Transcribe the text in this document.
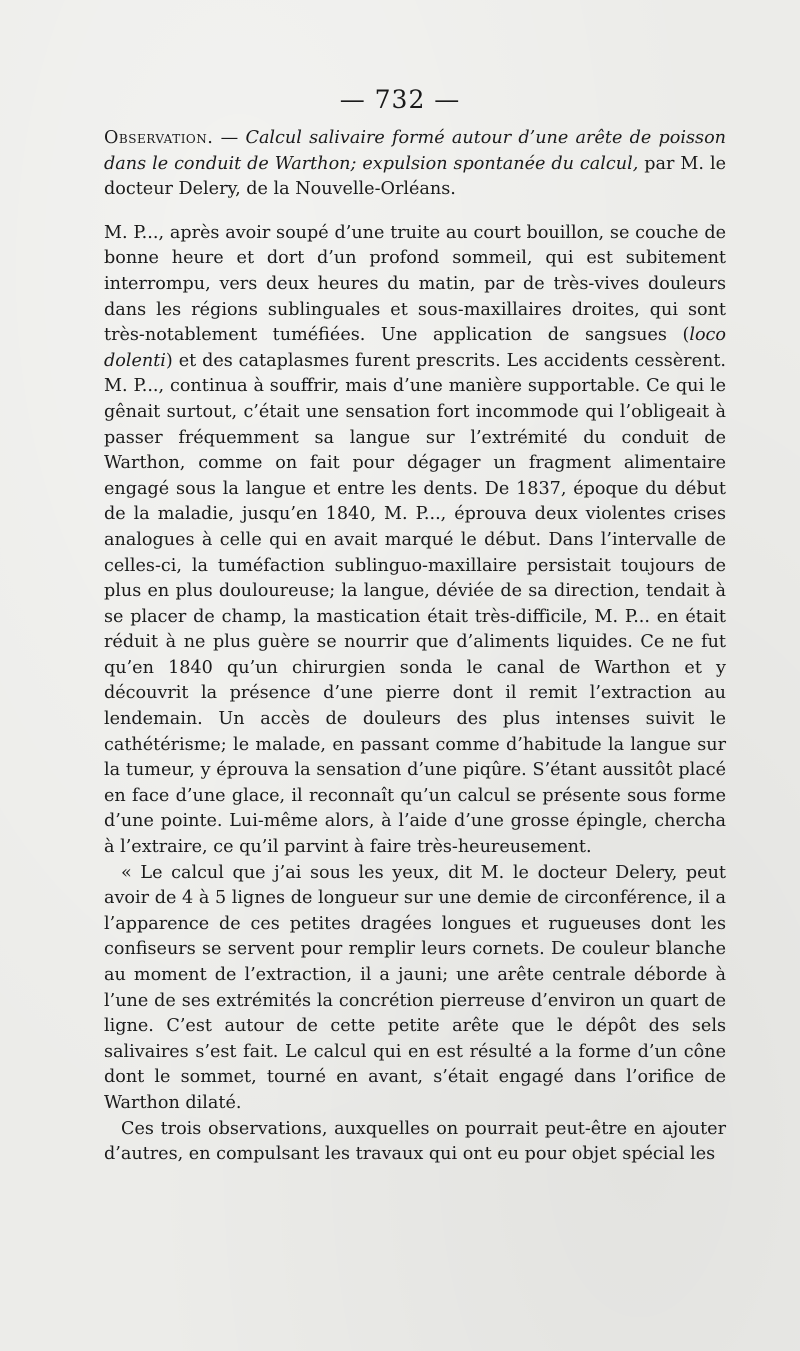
— 732 —

Observation. — Calcul salivaire formé autour d’une arête de poisson dans le conduit de Warthon; expulsion spontanée du calcul, par M. le docteur Delery, de la Nouvelle-Orléans.

M. P..., après avoir soupé d’une truite au court bouillon, se couche de bonne heure et dort d’un profond sommeil, qui est subitement interrompu, vers deux heures du matin, par de très-vives douleurs dans les régions sublinguales et sous-maxillaires droites, qui sont très-notablement tuméfiées. Une application de sangsues (loco dolenti) et des cataplasmes furent prescrits. Les accidents cessèrent. M. P..., continua à souffrir, mais d’une manière supportable. Ce qui le gênait surtout, c’était une sensation fort incommode qui l’obligeait à passer fréquemment sa langue sur l’extrémité du conduit de Warthon, comme on fait pour dégager un fragment alimentaire engagé sous la langue et entre les dents. De 1837, époque du début de la maladie, jusqu’en 1840, M. P..., éprouva deux violentes crises analogues à celle qui en avait marqué le début. Dans l’intervalle de celles-ci, la tuméfaction sublinguo-maxillaire persistait toujours de plus en plus douloureuse; la langue, déviée de sa direction, tendait à se placer de champ, la mastication était très-difficile, M. P... en était réduit à ne plus guère se nourrir que d’aliments liquides. Ce ne fut qu’en 1840 qu’un chirurgien sonda le canal de Warthon et y découvrit la présence d’une pierre dont il remit l’extraction au lendemain. Un accès de douleurs des plus intenses suivit le cathétérisme; le malade, en passant comme d’habitude la langue sur la tumeur, y éprouva la sensation d’une piqûre. S’étant aussitôt placé en face d’une glace, il reconnaît qu’un calcul se présente sous forme d’une pointe. Lui-même alors, à l’aide d’une grosse épingle, chercha à l’extraire, ce qu’il parvint à faire très-heureusement.

« Le calcul que j’ai sous les yeux, dit M. le docteur Delery, peut avoir de 4 à 5 lignes de longueur sur une demie de circonférence, il a l’apparence de ces petites dragées longues et rugueuses dont les confiseurs se servent pour remplir leurs cornets. De couleur blanche au moment de l’extraction, il a jauni; une arête centrale déborde à l’une de ses extrémités la concrétion pierreuse d’environ un quart de ligne. C’est autour de cette petite arête que le dépôt des sels salivaires s’est fait. Le calcul qui en est résulté a la forme d’un cône dont le sommet, tourné en avant, s’était engagé dans l’orifice de Warthon dilaté.

Ces trois observations, auxquelles on pourrait peut-être en ajouter d’autres, en compulsant les travaux qui ont eu pour objet spécial les
